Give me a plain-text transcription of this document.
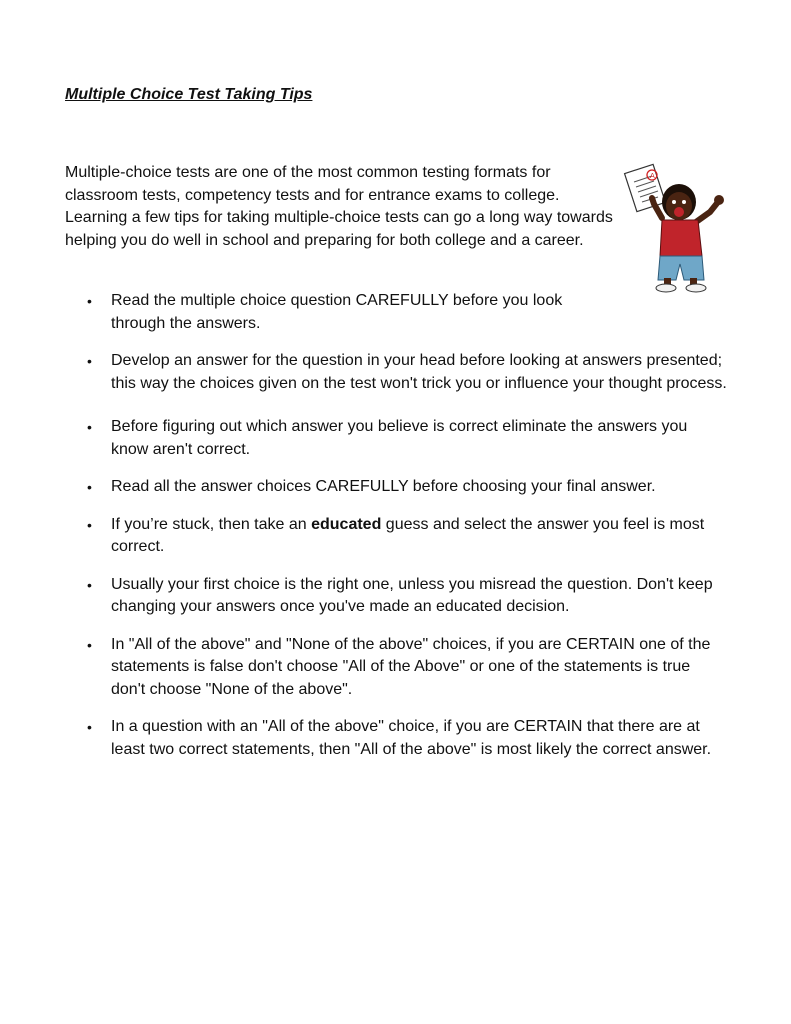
Multiple Choice Test Taking Tips
Multiple-choice tests are one of the most common testing formats for classroom tests, competency tests and for entrance exams to college. Learning a few tips for taking multiple-choice tests can go a long way towards helping you do well in school and preparing for both college and a career.
A
• Read the multiple choice question CAREFULLY before you look through the answers.
• Develop an answer for the question in your head before looking at answers presented; this way the choices given on the test won't trick you or influence your thought process.
• Before figuring out which answer you believe is correct eliminate the answers you know aren't correct.
• Read all the answer choices CAREFULLY before choosing your final answer.
• If you’re stuck, then take an educated guess and select the answer you feel is most correct.
• Usually your first choice is the right one, unless you misread the question. Don't keep changing your answers once you've made an educated decision.
• In "All of the above" and "None of the above" choices, if you are CERTAIN one of the statements is false don't choose "All of the Above" or one of the statements is true don't choose "None of the above".
• In a question with an "All of the above" choice, if you are CERTAIN that there are at least two correct statements, then "All of the above" is most likely the correct answer.
